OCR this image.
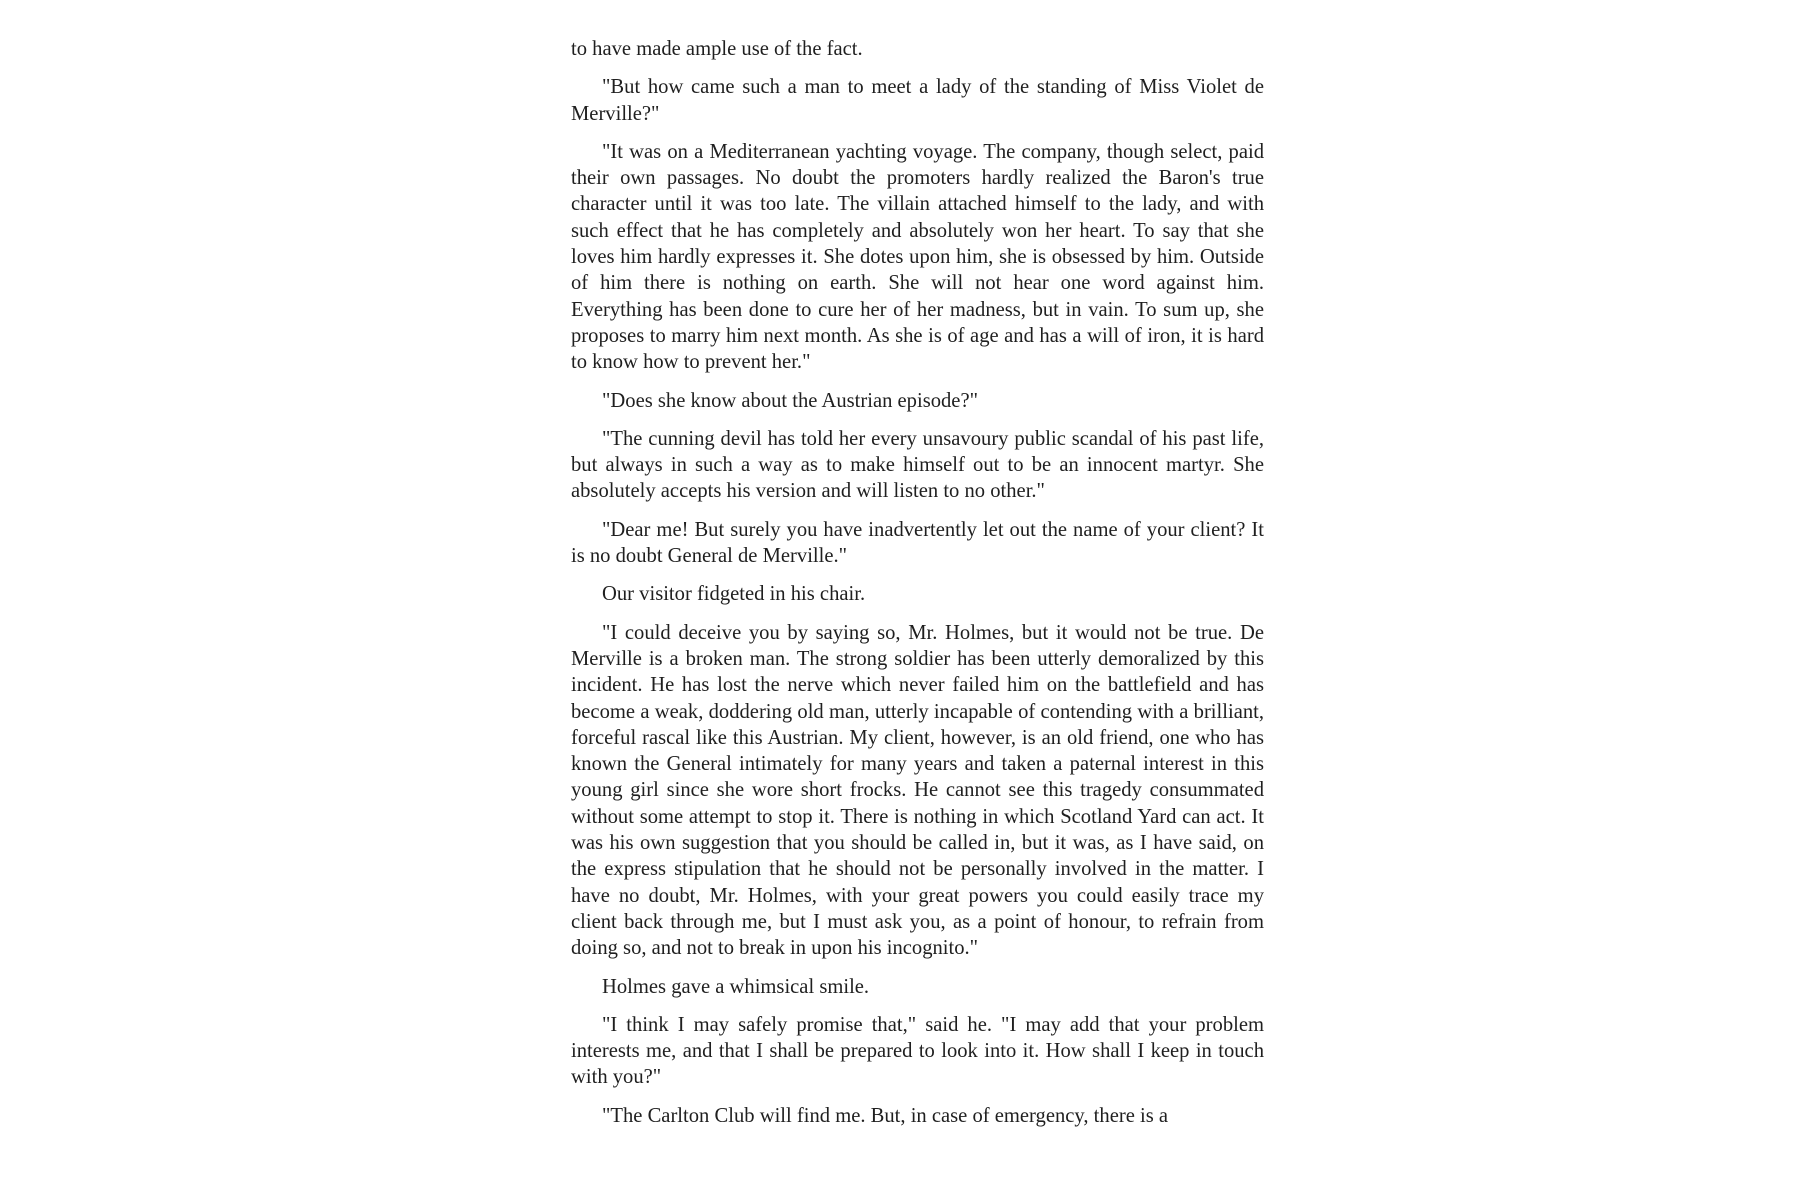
to have made ample use of the fact.

"But how came such a man to meet a lady of the standing of Miss Violet de Merville?"

"It was on a Mediterranean yachting voyage. The company, though select, paid their own passages. No doubt the promoters hardly realized the Baron's true character until it was too late. The villain attached himself to the lady, and with such effect that he has completely and absolutely won her heart. To say that she loves him hardly expresses it. She dotes upon him, she is obsessed by him. Outside of him there is nothing on earth. She will not hear one word against him. Everything has been done to cure her of her madness, but in vain. To sum up, she proposes to marry him next month. As she is of age and has a will of iron, it is hard to know how to prevent her."

"Does she know about the Austrian episode?"

"The cunning devil has told her every unsavoury public scandal of his past life, but always in such a way as to make himself out to be an innocent martyr. She absolutely accepts his version and will listen to no other."

"Dear me! But surely you have inadvertently let out the name of your client? It is no doubt General de Merville."

Our visitor fidgeted in his chair.

"I could deceive you by saying so, Mr. Holmes, but it would not be true. De Merville is a broken man. The strong soldier has been utterly demoralized by this incident. He has lost the nerve which never failed him on the battlefield and has become a weak, doddering old man, utterly incapable of contending with a brilliant, forceful rascal like this Austrian. My client, however, is an old friend, one who has known the General intimately for many years and taken a paternal interest in this young girl since she wore short frocks. He cannot see this tragedy consummated without some attempt to stop it. There is nothing in which Scotland Yard can act. It was his own suggestion that you should be called in, but it was, as I have said, on the express stipulation that he should not be personally involved in the matter. I have no doubt, Mr. Holmes, with your great powers you could easily trace my client back through me, but I must ask you, as a point of honour, to refrain from doing so, and not to break in upon his incognito."

Holmes gave a whimsical smile.

"I think I may safely promise that," said he. "I may add that your problem interests me, and that I shall be prepared to look into it. How shall I keep in touch with you?"

"The Carlton Club will find me. But, in case of emergency, there is a
